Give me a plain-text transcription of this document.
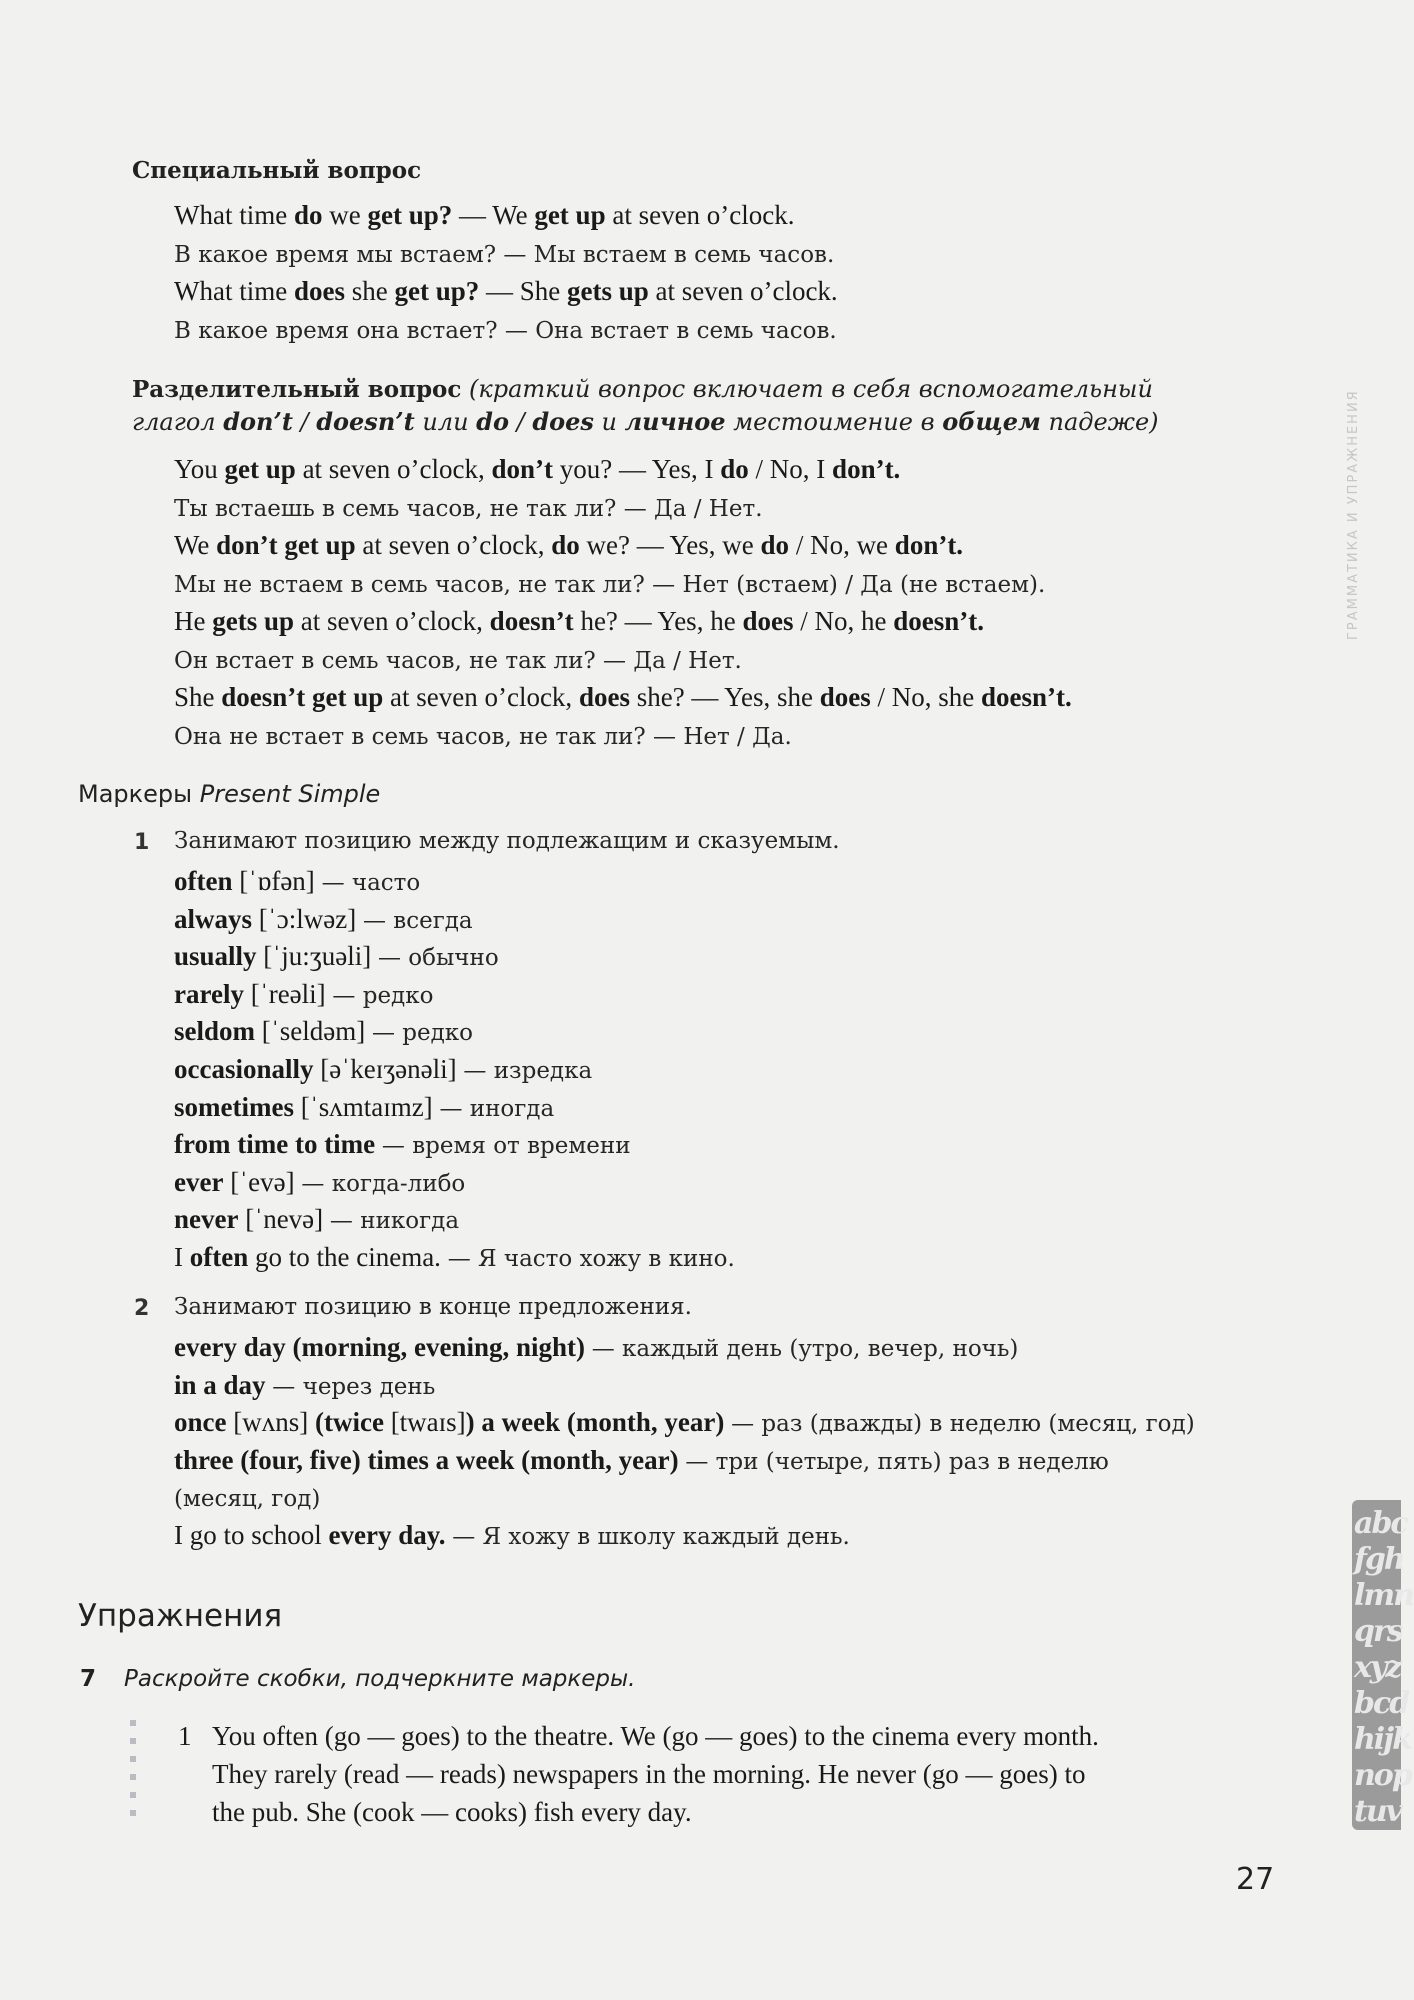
Специальный вопрос
What time do we get up? — We get up at seven o’clock.
В какое время мы встаем? — Мы встаем в семь часов.
What time does she get up? — She gets up at seven o’clock.
В какое время она встает? — Она встает в семь часов.
Разделительный вопрос (краткий вопрос включает в себя вспомогательный глагол don’t / doesn’t или do / does и личное местоимение в общем падеже)
You get up at seven o’clock, don’t you? — Yes, I do / No, I don’t.
Ты встаешь в семь часов, не так ли? — Да / Нет.
We don’t get up at seven o’clock, do we? — Yes, we do / No, we don’t.
Мы не встаем в семь часов, не так ли? — Нет (встаем) / Да (не встаем).
He gets up at seven o’clock, doesn’t he? — Yes, he does / No, he doesn’t.
Он встает в семь часов, не так ли? — Да / Нет.
She doesn’t get up at seven o’clock, does she? — Yes, she does / No, she doesn’t.
Она не встает в семь часов, не так ли? — Нет / Да.
Маркеры Present Simple
1 Занимают позицию между подлежащим и сказуемым.
often [ˈɒfən] — часто
always [ˈɔ:lwəz] — всегда
usually [ˈju:ʒuəli] — обычно
rarely [ˈreəli] — редко
seldom [ˈseldəm] — редко
occasionally [əˈkeɪʒənəli] — изредка
sometimes [ˈsʌmtaɪmz] — иногда
from time to time — время от времени
ever [ˈevə] — когда-либо
never [ˈnevə] — никогда
I often go to the cinema. — Я часто хожу в кино.
2 Занимают позицию в конце предложения.
every day (morning, evening, night) — каждый день (утро, вечер, ночь)
in a day — через день
once [wʌns] (twice [twaɪs]) a week (month, year) — раз (дважды) в неделю (месяц, год)
three (four, five) times a week (month, year) — три (четыре, пять) раз в неделю
(месяц, год)
I go to school every day. — Я хожу в школу каждый день.
Упражнения
7 Раскройте скобки, подчеркните маркеры.
1 You often (go — goes) to the theatre. We (go — goes) to the cinema every month.
They rarely (read — reads) newspapers in the morning. He never (go — goes) to
the pub. She (cook — cooks) fish every day.
ГРАММАТИКА И УПРАЖНЕНИЯ
abc
fgh
lmn
qrs
xyz
bcd
hijk
nop
tuv
27
